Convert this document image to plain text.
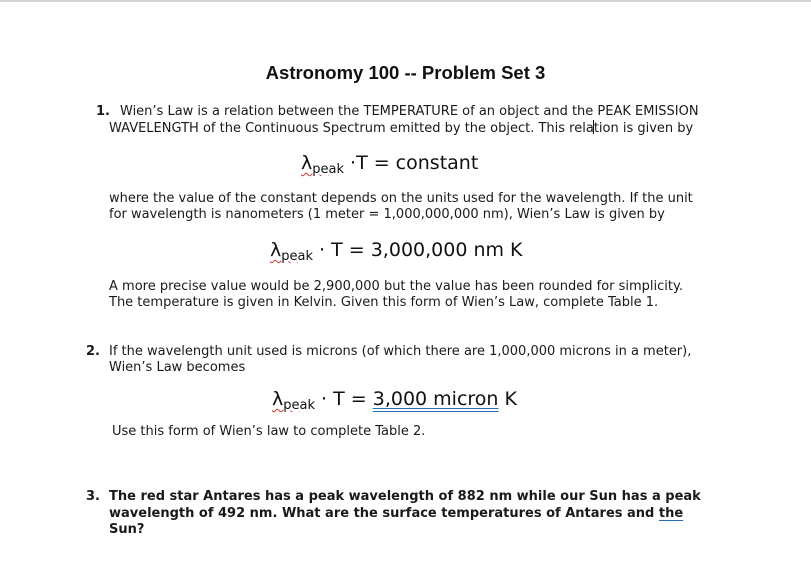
Astronomy 100 -- Problem Set 3
1. Wien’s Law is a relation between the TEMPERATURE of an object and the PEAK EMISSION
WAVELENGTH of the Continuous Spectrum emitted by the object. This relation is given by
$\lambda_{peak} \cdot T$ = constant
where the value of the constant depends on the units used for the wavelength. If the unit
for wavelength is nanometers (1 meter = 1,000,000,000 nm), Wien’s Law is given by
$\lambda_{peak} \cdot T = 3,000,000$ nm K
A more precise value would be 2,900,000 but the value has been rounded for simplicity.
The temperature is given in Kelvin. Given this form of Wien’s Law, complete Table 1.
2. If the wavelength unit used is microns (of which there are 1,000,000 microns in a meter),
Wien’s Law becomes
$\lambda_{peak} \cdot T = 3,000$ micron K
Use this form of Wien’s law to complete Table 2.
3. The red star Antares has a peak wavelength of 882 nm while our Sun has a peak
wavelength of 492 nm. What are the surface temperatures of Antares and the
Sun?
